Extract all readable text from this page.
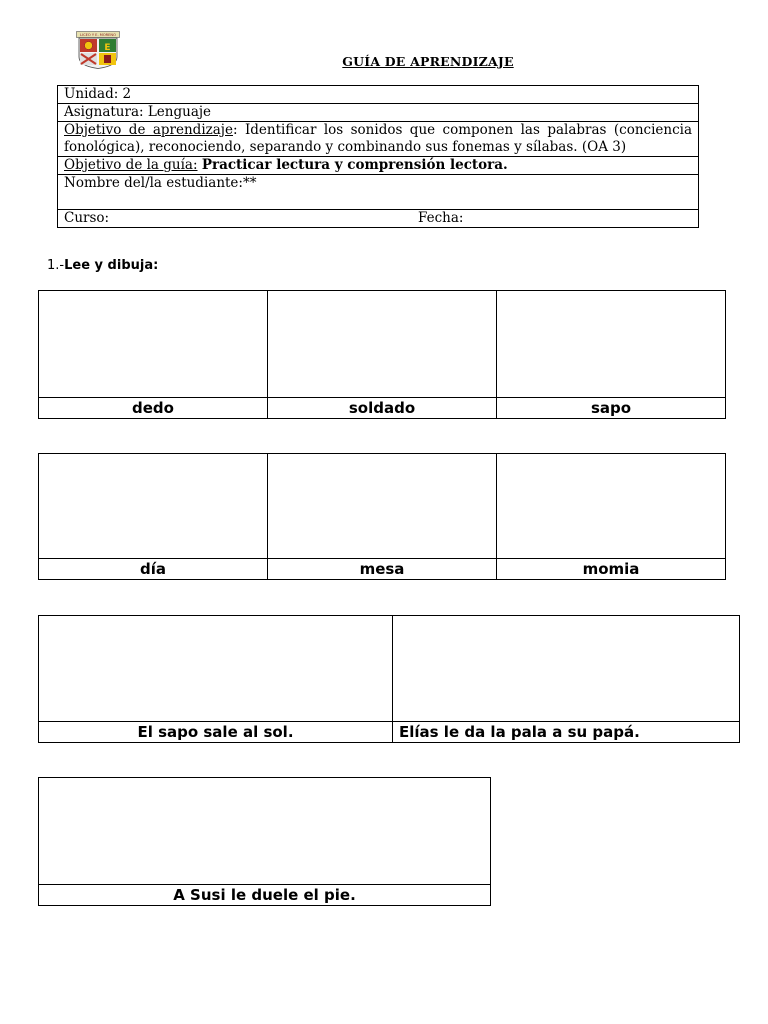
LICEO Y E. MORENO
E
GUÍA DE APRENDIZAJE
Unidad: 2
Asignatura: Lenguaje
Objetivo de aprendizaje: Identificar los sonidos que componen las palabras (conciencia fonológica), reconociendo, separando y combinando sus fonemas y sílabas. (OA 3)
Objetivo de la guía: Practicar lectura y comprensión lectora.
Nombre del/la estudiante:**
Curso:	Fecha:
1.-Lee y dibuja:

dedo	soldado	sapo

día	mesa	momia

El sapo sale al sol.	Elías le da la pala a su papá.

A Susi le duele el pie.
